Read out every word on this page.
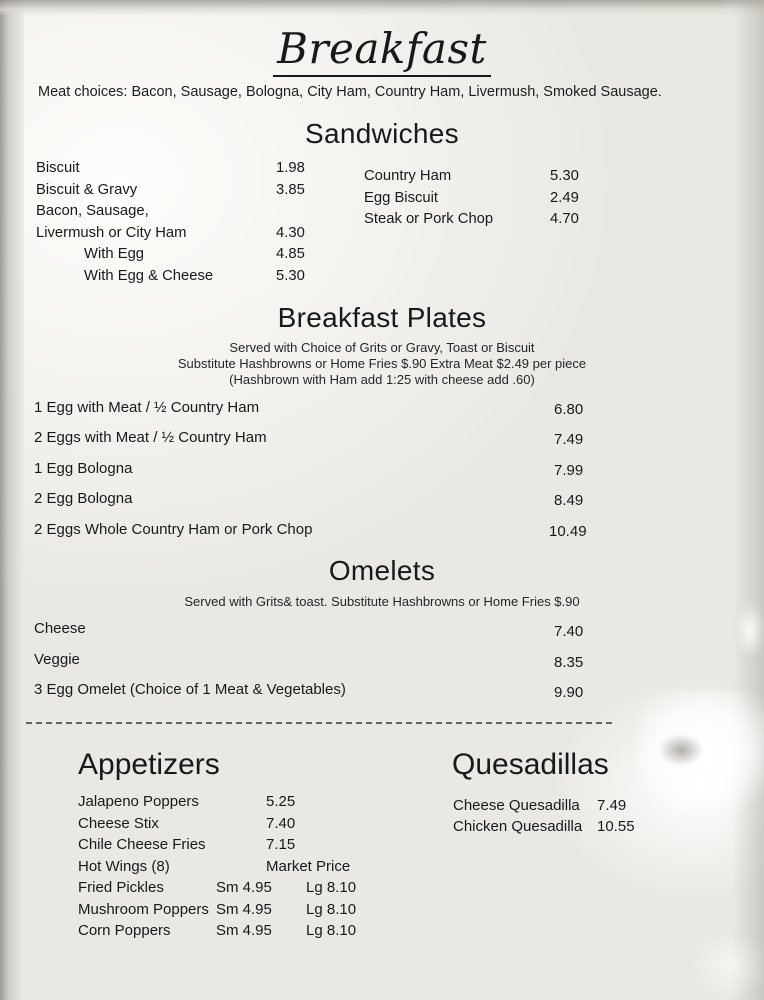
Breakfast
Meat choices: Bacon, Sausage, Bologna, City Ham, Country Ham, Livermush, Smoked Sausage.
Sandwiches
Biscuit	1.98
Biscuit & Gravy	3.85
Bacon, Sausage,
Livermush or City Ham	4.30
With Egg	4.85
With Egg & Cheese	5.30
Country Ham	5.30
Egg Biscuit	2.49
Steak or Pork Chop	4.70
Breakfast Plates
Served with Choice of Grits or Gravy, Toast or Biscuit
Substitute Hashbrowns or Home Fries $.90 Extra Meat $2.49 per piece
(Hashbrown with Ham add 1:25 with cheese add .60)
1 Egg with Meat / ½ Country Ham	6.80
2 Eggs with Meat / ½ Country Ham	7.49
1 Egg Bologna	7.99
2 Egg Bologna	8.49
2 Eggs Whole Country Ham or Pork Chop	10.49
Omelets
Served with Grits& toast. Substitute Hashbrowns or Home Fries $.90
Cheese	7.40
Veggie	8.35
3 Egg Omelet (Choice of 1 Meat & Vegetables)	9.90
Appetizers
Jalapeno Poppers	5.25
Cheese Stix	7.40
Chile Cheese Fries	7.15
Hot Wings (8)	Market Price
Fried Pickles	Sm 4.95 Lg 8.10
Mushroom Poppers Sm 4.95 Lg 8.10
Corn Poppers	Sm 4.95 Lg 8.10
Quesadillas
Cheese Quesadilla 7.49
Chicken Quesadilla 10.55
